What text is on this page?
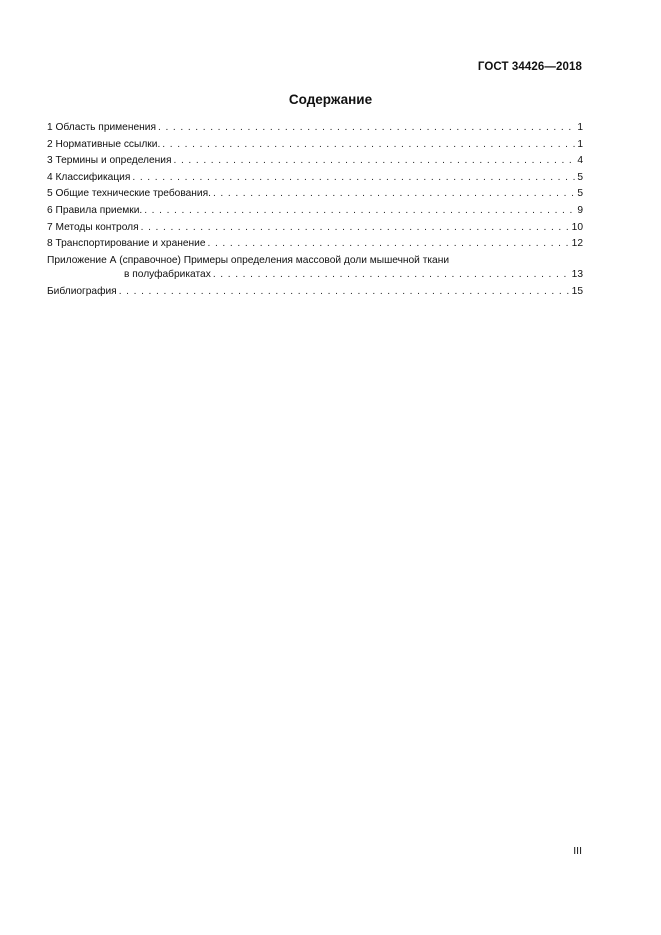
ГОСТ 34426—2018
Содержание
1 Область применения . . .	1
2 Нормативные ссылки. . . .	1
3 Термины и определения . . .	4
4 Классификация . . .	5
5 Общие технические требования. . . .	5
6 Правила приемки. . . .	9
7 Методы контроля . . .	10
8 Транспортирование и хранение . . .	12
Приложение А (справочное) Примеры определения массовой доли мышечной ткани
в полуфабрикатах . . .	13
Библиография . . .	15
III
